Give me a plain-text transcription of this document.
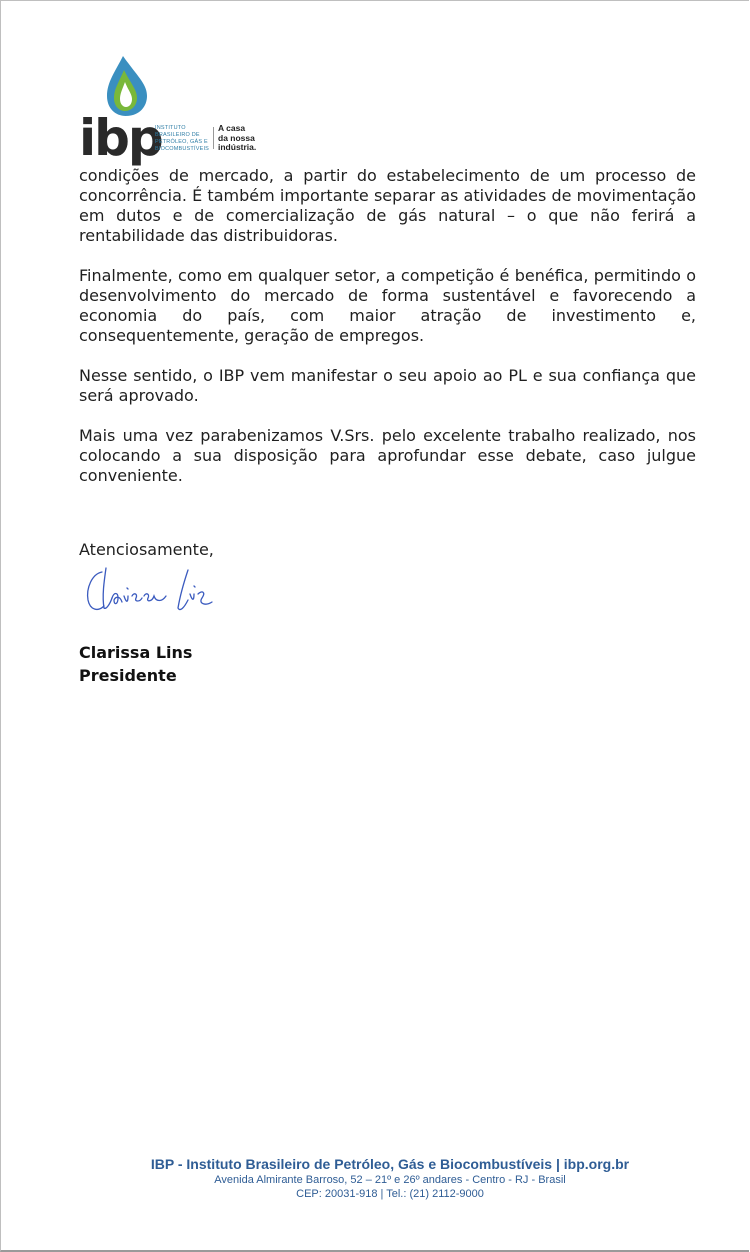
ibp
INSTITUTO
BRASILEIRO DE
PETRÓLEO, GÁS E
BIOCOMBUSTÍVEIS
A casa
da nossa
indústria.

condições de mercado, a partir do estabelecimento de um processo de concorrência. É também importante separar as atividades de movimentação em dutos e de comercialização de gás natural – o que não ferirá a rentabilidade das distribuidoras.

Finalmente, como em qualquer setor, a competição é benéfica, permitindo o desenvolvimento do mercado de forma sustentável e favorecendo a economia do país, com maior atração de investimento e, consequentemente, geração de empregos.

Nesse sentido, o IBP vem manifestar o seu apoio ao PL e sua confiança que será aprovado.

Mais uma vez parabenizamos V.Srs. pelo excelente trabalho realizado, nos colocando a sua disposição para aprofundar esse debate, caso julgue conveniente.

Atenciosamente,
Clarissa Lins
Presidente
IBP - Instituto Brasileiro de Petróleo, Gás e Biocombustíveis | ibp.org.br
Avenida Almirante Barroso, 52 – 21º e 26º andares - Centro - RJ - Brasil
CEP: 20031-918 | Tel.: (21) 2112-9000
